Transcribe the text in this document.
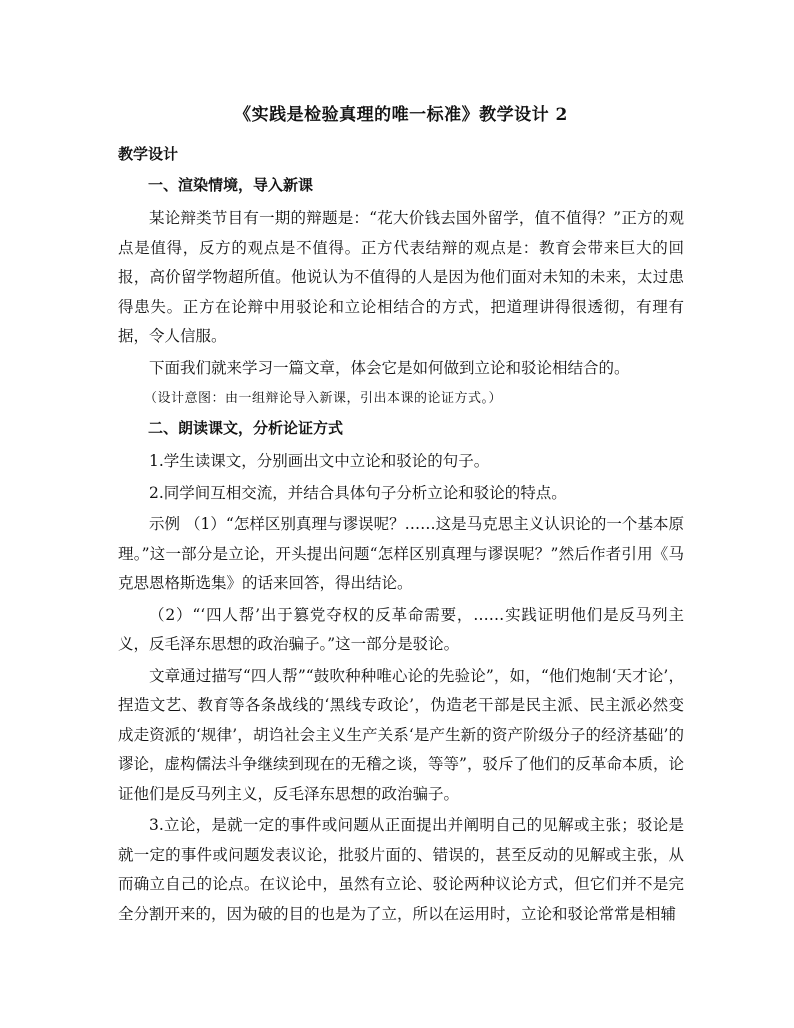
《实践是检验真理的唯一标准》教学设计 2
教学设计
一、渲染情境，导入新课

某论辩类节目有一期的辩题是：“花大价钱去国外留学，值不值得？”正方的观点是值得，反方的观点是不值得。正方代表结辩的观点是：教育会带来巨大的回报，高价留学物超所值。他说认为不值得的人是因为他们面对未知的未来，太过患得患失。正方在论辩中用驳论和立论相结合的方式，把道理讲得很透彻，有理有据，令人信服。

下面我们就来学习一篇文章，体会它是如何做到立论和驳论相结合的。

（设计意图：由一组辩论导入新课，引出本课的论证方式。）

二、朗读课文，分析论证方式

1.学生读课文，分别画出文中立论和驳论的句子。

2.同学间互相交流，并结合具体句子分析立论和驳论的特点。

示例 （1）“怎样区别真理与谬误呢？……这是马克思主义认识论的一个基本原理。”这一部分是立论，开头提出问题“怎样区别真理与谬误呢？”然后作者引用《马克思恩格斯选集》的话来回答，得出结论。

（2）“‘四人帮’出于篡党夺权的反革命需要，……实践证明他们是反马列主义，反毛泽东思想的政治骗子。”这一部分是驳论。

文章通过描写“四人帮”“鼓吹种种唯心论的先验论”，如，“他们炮制‘天才论’，捏造文艺、教育等各条战线的‘黑线专政论’，伪造老干部是民主派、民主派必然变成走资派的‘规律’，胡诌社会主义生产关系‘是产生新的资产阶级分子的经济基础’的谬论，虚构儒法斗争继续到现在的无稽之谈，等等”，驳斥了他们的反革命本质，论证他们是反马列主义，反毛泽东思想的政治骗子。

3.立论，是就一定的事件或问题从正面提出并阐明自己的见解或主张；驳论是就一定的事件或问题发表议论，批驳片面的、错误的，甚至反动的见解或主张，从而确立自己的论点。在议论中，虽然有立论、驳论两种议论方式，但它们并不是完全分割开来的，因为破的目的也是为了立，所以在运用时，立论和驳论常常是相辅
